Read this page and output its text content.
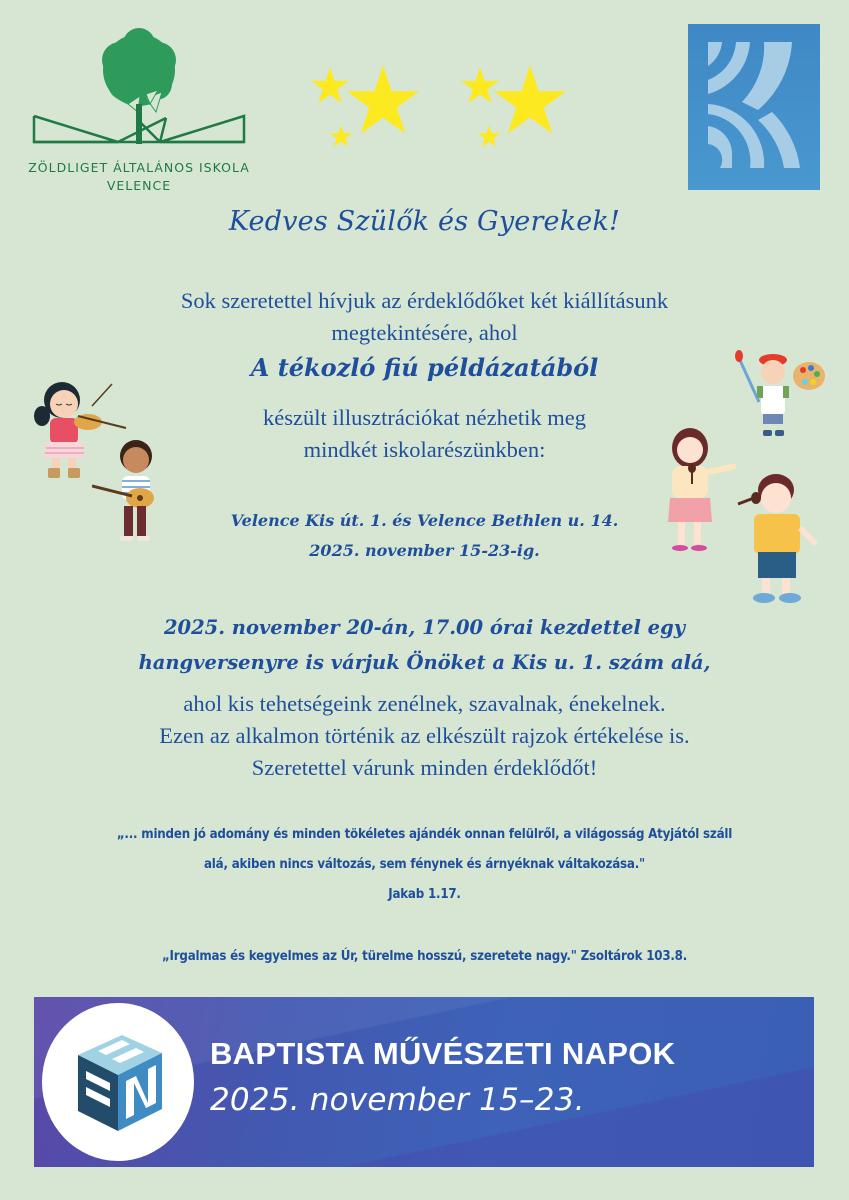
ZÖLDLIGET ÁLTALÁNOS ISKOLA
VELENCE
Kedves Szülők és Gyerekek!
Sok szeretettel hívjuk az érdeklődőket két kiállításunk
megtekintésére, ahol
A tékozló fiú példázatából
készült illusztrációkat nézhetik meg
mindkét iskolarészünkben:
Velence Kis út. 1. és Velence Bethlen u. 14.
2025. november 15-23-ig.
2025. november 20-án, 17.00 órai kezdettel egy
hangversenyre is várjuk Önöket a Kis u. 1. szám alá,
ahol kis tehetségeink zenélnek, szavalnak, énekelnek.
Ezen az alkalmon történik az elkészült rajzok értékelése is.
Szeretettel várunk minden érdeklődőt!
„... minden jó adomány és minden tökéletes ajándék onnan felülről, a világosság Atyjától száll
alá, akiben nincs változás, sem fénynek és árnyéknak váltakozása."
Jakab 1.17.
„Irgalmas és kegyelmes az Úr, türelme hosszú, szeretete nagy." Zsoltárok 103.8.
BAPTISTA MŰVÉSZETI NAPOK
2025. november 15–23.
